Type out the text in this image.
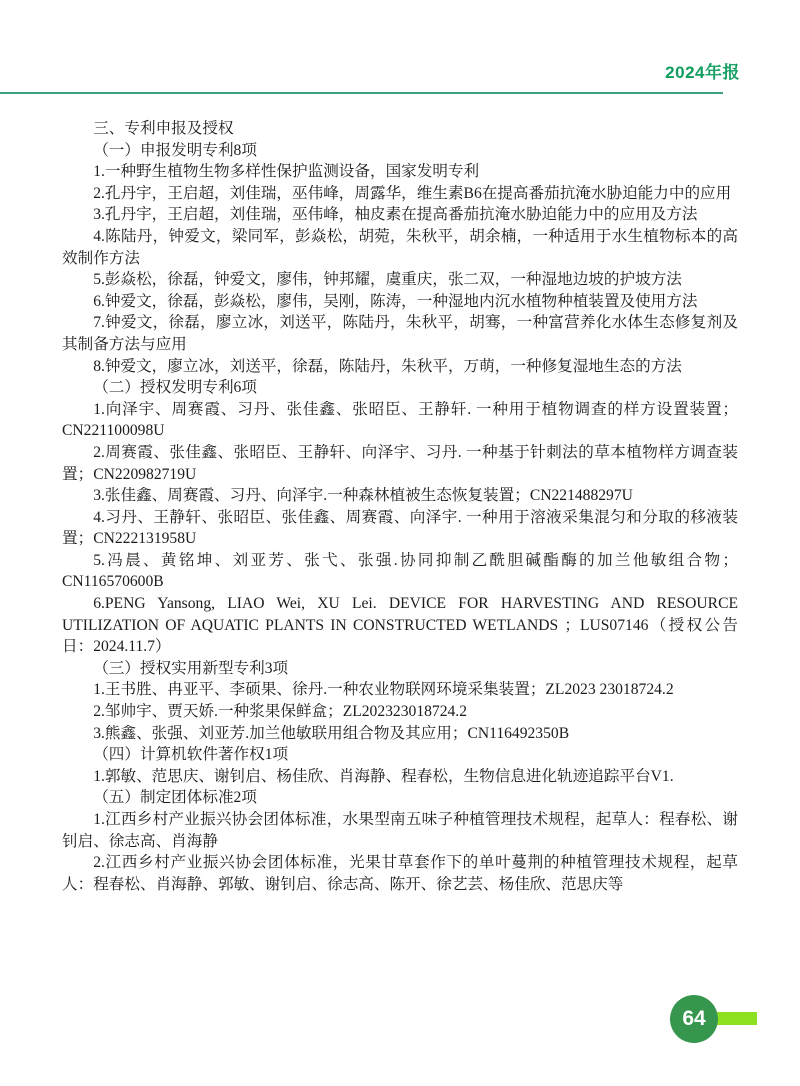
2024年报

三、专利申报及授权

（一）申报发明专利8项

1.一种野生植物生物多样性保护监测设备，国家发明专利

2.孔丹宇，王启超，刘佳瑞，巫伟峰，周露华，维生素B6在提高番茄抗淹水胁迫能力中的应用

3.孔丹宇，王启超，刘佳瑞，巫伟峰，柚皮素在提高番茄抗淹水胁迫能力中的应用及方法

4.陈陆丹，钟爱文，梁同军，彭焱松，胡菀，朱秋平，胡余楠，一种适用于水生植物标本的高效制作方法

5.彭焱松，徐磊，钟爱文，廖伟，钟邦耀，虞重庆，张二双，一种湿地边坡的护坡方法

6.钟爱文，徐磊，彭焱松，廖伟，吴刚，陈涛，一种湿地内沉水植物种植装置及使用方法

7.钟爱文，徐磊，廖立冰，刘送平，陈陆丹，朱秋平，胡骞，一种富营养化水体生态修复剂及其制备方法与应用

8.钟爱文，廖立冰，刘送平，徐磊，陈陆丹，朱秋平，万萌，一种修复湿地生态的方法

（二）授权发明专利6项

1.向泽宇、周赛霞、习丹、张佳鑫、张昭臣、王静轩. 一种用于植物调查的样方设置装置；CN221100098U

2.周赛霞、张佳鑫、张昭臣、王静轩、向泽宇、习丹. 一种基于针刺法的草本植物样方调查装置；CN220982719U

3.张佳鑫、周赛霞、习丹、向泽宇.一种森林植被生态恢复装置；CN221488297U

4.习丹、王静轩、张昭臣、张佳鑫、周赛霞、向泽宇. 一种用于溶液采集混匀和分取的移液装置；CN222131958U

5.冯晨、黄铭坤、刘亚芳、张弋、张强.协同抑制乙酰胆碱酯酶的加兰他敏组合物；CN116570600B

6.PENG Yansong, LIAO Wei, XU Lei. DEVICE FOR HARVESTING AND RESOURCE UTILIZATION OF AQUATIC PLANTS IN CONSTRUCTED WETLANDS ；LUS07146（授权公告日：2024.11.7）

（三）授权实用新型专利3项

1.王书胜、冉亚平、李硕果、徐丹.一种农业物联网环境采集装置；ZL2023 23018724.2

2.邹帅宇、贾天娇.一种浆果保鲜盒；ZL202323018724.2

3.熊鑫、张强、刘亚芳.加兰他敏联用组合物及其应用；CN116492350B

（四）计算机软件著作权1项

1.郭敏、范思庆、谢钊启、杨佳欣、肖海静、程春松，生物信息进化轨迹追踪平台V1.

（五）制定团体标准2项

1.江西乡村产业振兴协会团体标准，水果型南五味子种植管理技术规程，起草人：程春松、谢钊启、徐志高、肖海静

2.江西乡村产业振兴协会团体标准，光果甘草套作下的单叶蔓荆的种植管理技术规程，起草人：程春松、肖海静、郭敏、谢钊启、徐志高、陈开、徐艺芸、杨佳欣、范思庆等

64
